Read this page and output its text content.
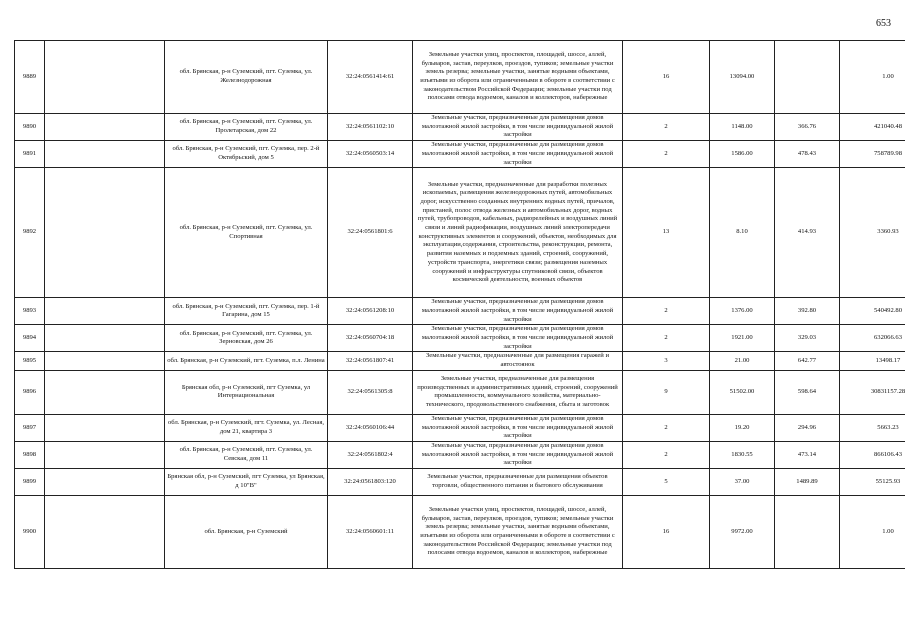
653
9889		обл. Брянская, р-н Суземский, пгт. Суземка, ул. Железнодорожная	32:24:0561414:61	Земельные участки улиц, проспектов, площадей, шоссе, аллей, бульваров, застав, переулков, проездов, тупиков; земельные участки земель резерва; земельные участки, занятые водными объектами, изъятыми из оборота или ограниченными в обороте в соответствии с законодательством Российской Федерации; земельные участки под полосами отвода водоемов, каналов и коллекторов, набережные	16	13094.00		1.00
9890		обл. Брянская, р-н Суземский, пгт. Суземка, ул. Пролетарская, дом 22	32:24:0561102:10	Земельные участки, предназначенные для размещения домов малоэтажной жилой застройки, в том числе индивидуальной жилой застройки	2	1148.00	366.76	421040.48
9891		обл. Брянская, р-н Суземский, пгт. Суземка, пер. 2-й Октябрьский, дом 5	32:24:0560503:14	Земельные участки, предназначенные для размещения домов малоэтажной жилой застройки, в том числе индивидуальной жилой застройки	2	1586.00	478.43	758789.98
9892		обл. Брянская, р-н Суземский, пгт. Суземка, ул. Спортивная	32:24:0561801:6	Земельные участки, предназначенные для разработки полезных ископаемых, размещения железнодорожных путей, автомобильных дорог, искусственно созданных внутренних водных путей, причалов, пристаней, полос отвода железных и автомобильных дорог, водных путей, трубопроводов, кабельных, радиорелейных и воздушных линий связи и линий радиофикации, воздушных линий электропередачи конструктивных элементов и сооружений, объектов, необходимых для эксплуатации,содержания, строительства, реконструкции, ремонта, развития наземных и подземных зданий, строений, сооружений, устройств транспорта, энергетики связи; размещения наземных сооружений и инфраструктуры спутниковой связи, объектов космической деятельности, военных объектов	13	8.10	414.93	3360.93
9893		обл. Брянская, р-н Суземский, пгт. Суземка, пер. 1-й Гагарина, дом 15	32:24:0561208:10	Земельные участки, предназначенные для размещения домов малоэтажной жилой застройки, в том числе индивидуальной жилой застройки	2	1376.00	392.80	540492.80
9894		обл. Брянская, р-н Суземский, пгт. Суземка, ул. Зерновская, дом 26	32:24:0560704:18	Земельные участки, предназначенные для размещения домов малоэтажной жилой застройки, в том числе индивидуальной жилой застройки	2	1921.00	329.03	632066.63
9895		обл. Брянская, р-н Суземский, пгт. Суземка, п.л. Ленина	32:24:0561807:41	Земельные участки, предназначенные для размещения гаражей и автостоянок	3	21.00	642.77	13498.17
9896		Брянская обл, р-н Суземский, пгт Суземка, ул Интернациональная	32:24:0561305:8	Земельные участки, предназначенные для размещения производственных и административных зданий, строений, сооружений промышленности, коммунального хозяйства, материально-технического, продовольственного снабжения, сбыта и заготовок	9	51502.00	598.64	30831157.28
9897		обл. Брянская, р-н Суземский, пгт. Суземка, ул. Лесная, дом 21, квартира 3	32:24:0560106:44	Земельные участки, предназначенные для размещения домов малоэтажной жилой застройки, в том числе индивидуальной жилой застройки	2	19.20	294.96	5663.23
9898		обл. Брянская, р-н Суземский, пгт. Суземка, ул. Севская, дом 11	32:24:0561802:4	Земельные участки, предназначенные для размещения домов малоэтажной жилой застройки, в том числе индивидуальной жилой застройки	2	1830.55	473.14	866106.43
9899		Брянская обл, р-н Суземский, пгт Суземка, ул Брянская, д 10"В"	32:24:0561803:120	Земельные участки, предназначенные для размещения объектов торговли, общественного питания и бытового обслуживания	5	37.00	1489.89	55125.93
9900		обл. Брянская, р-н Суземский	32:24:0560601:11	Земельные участки улиц, проспектов, площадей, шоссе, аллей, бульваров, застав, переулков, проездов, тупиков; земельные участки земель резерва; земельные участки, занятые водными объектами, изъятыми из оборота или ограниченными в обороте в соответствии с законодательством Российской Федерации; земельные участки под полосами отвода водоемов, каналов и коллекторов, набережные	16	9972.00		1.00
